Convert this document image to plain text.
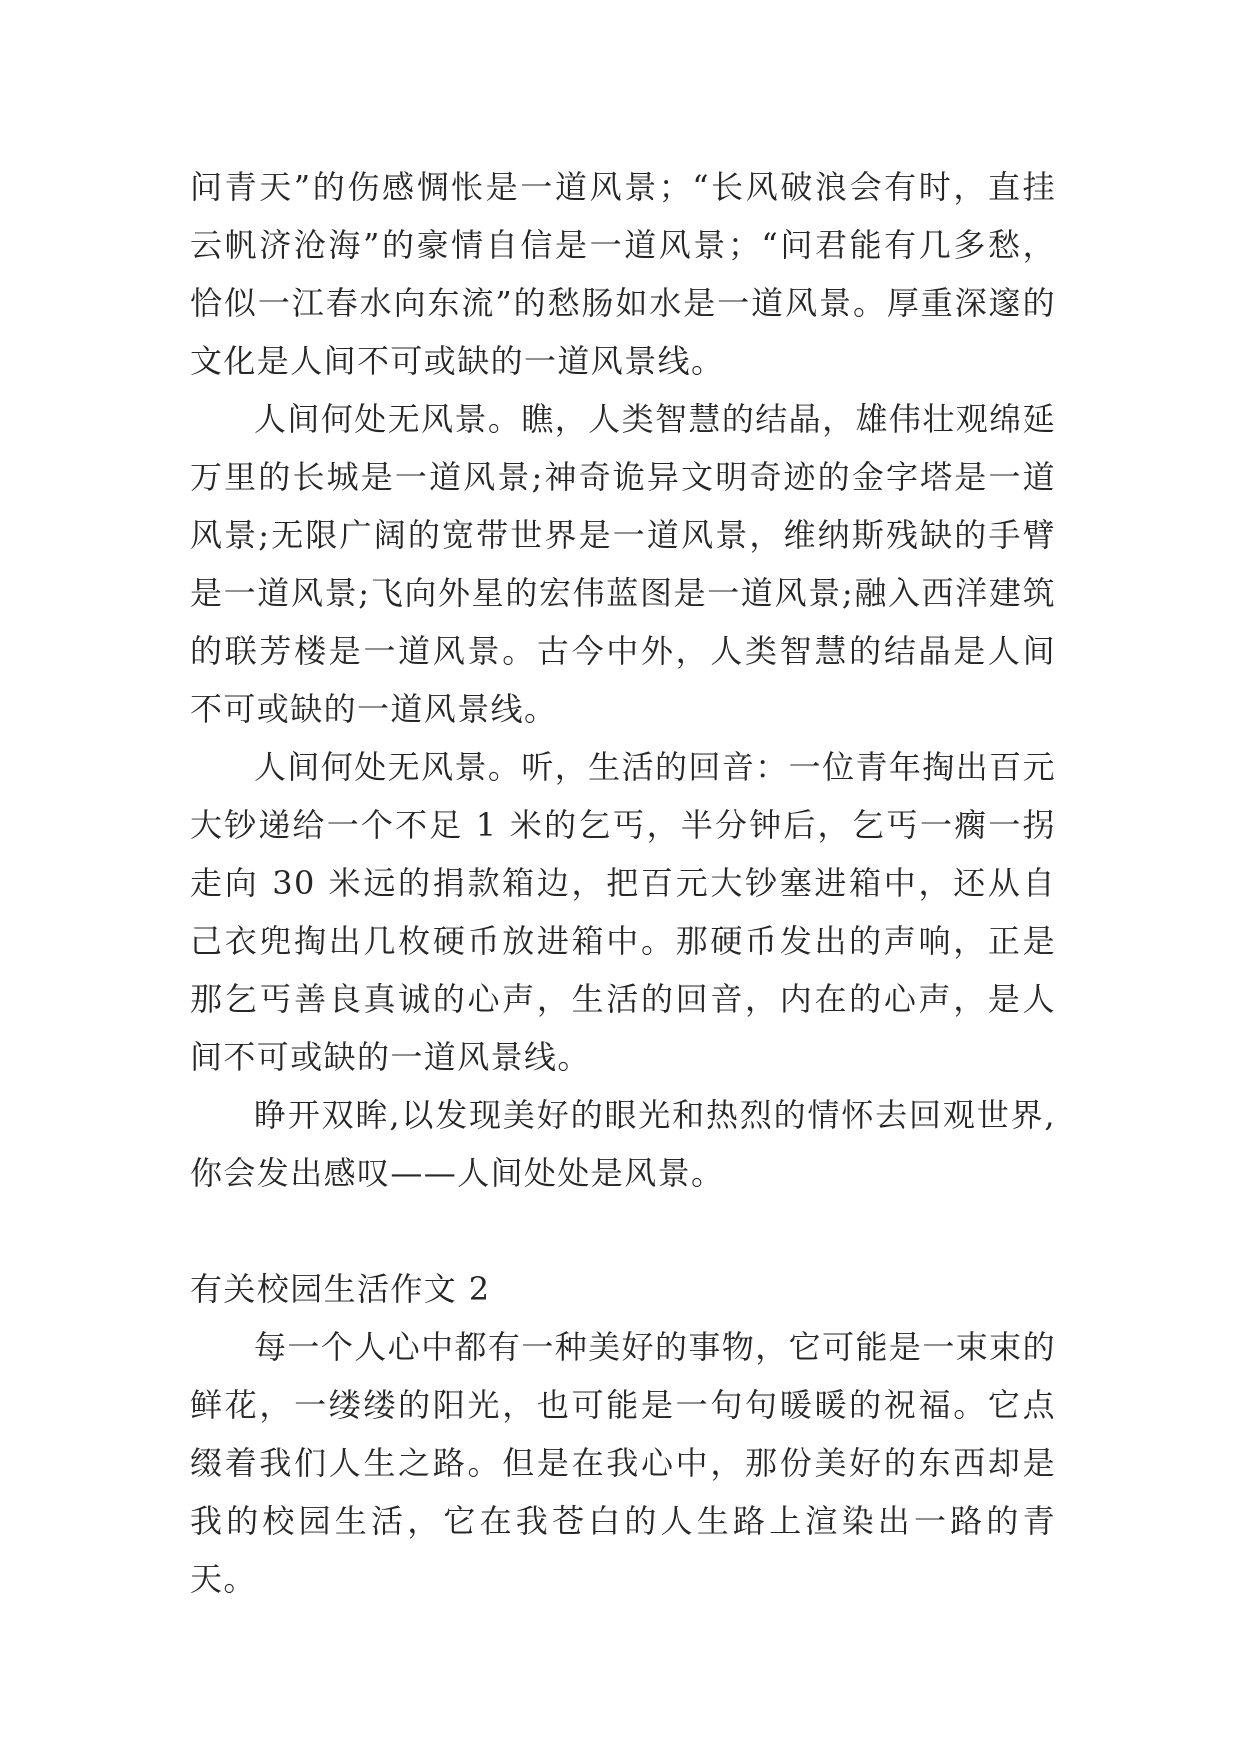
问青天”的伤感惆怅是一道风景；“长风破浪会有时，直挂云帆济沧海”的豪情自信是一道风景；“问君能有几多愁，恰似一江春水向东流”的愁肠如水是一道风景。厚重深邃的文化是人间不可或缺的一道风景线。

人间何处无风景。瞧，人类智慧的结晶，雄伟壮观绵延万里的长城是一道风景;神奇诡异文明奇迹的金字塔是一道风景;无限广阔的宽带世界是一道风景，维纳斯残缺的手臂是一道风景;飞向外星的宏伟蓝图是一道风景;融入西洋建筑的联芳楼是一道风景。古今中外，人类智慧的结晶是人间不可或缺的一道风景线。

人间何处无风景。听，生活的回音：一位青年掏出百元大钞递给一个不足 1 米的乞丐，半分钟后，乞丐一瘸一拐走向 30 米远的捐款箱边，把百元大钞塞进箱中，还从自己衣兜掏出几枚硬币放进箱中。那硬币发出的声响，正是那乞丐善良真诚的心声，生活的回音，内在的心声，是人间不可或缺的一道风景线。

睁开双眸,以发现美好的眼光和热烈的情怀去回观世界,你会发出感叹——人间处处是风景。

有关校园生活作文 2

每一个人心中都有一种美好的事物，它可能是一束束的鲜花，一缕缕的阳光，也可能是一句句暖暖的祝福。它点缀着我们人生之路。但是在我心中，那份美好的东西却是我的校园生活，它在我苍白的人生路上渲染出一路的青天。
